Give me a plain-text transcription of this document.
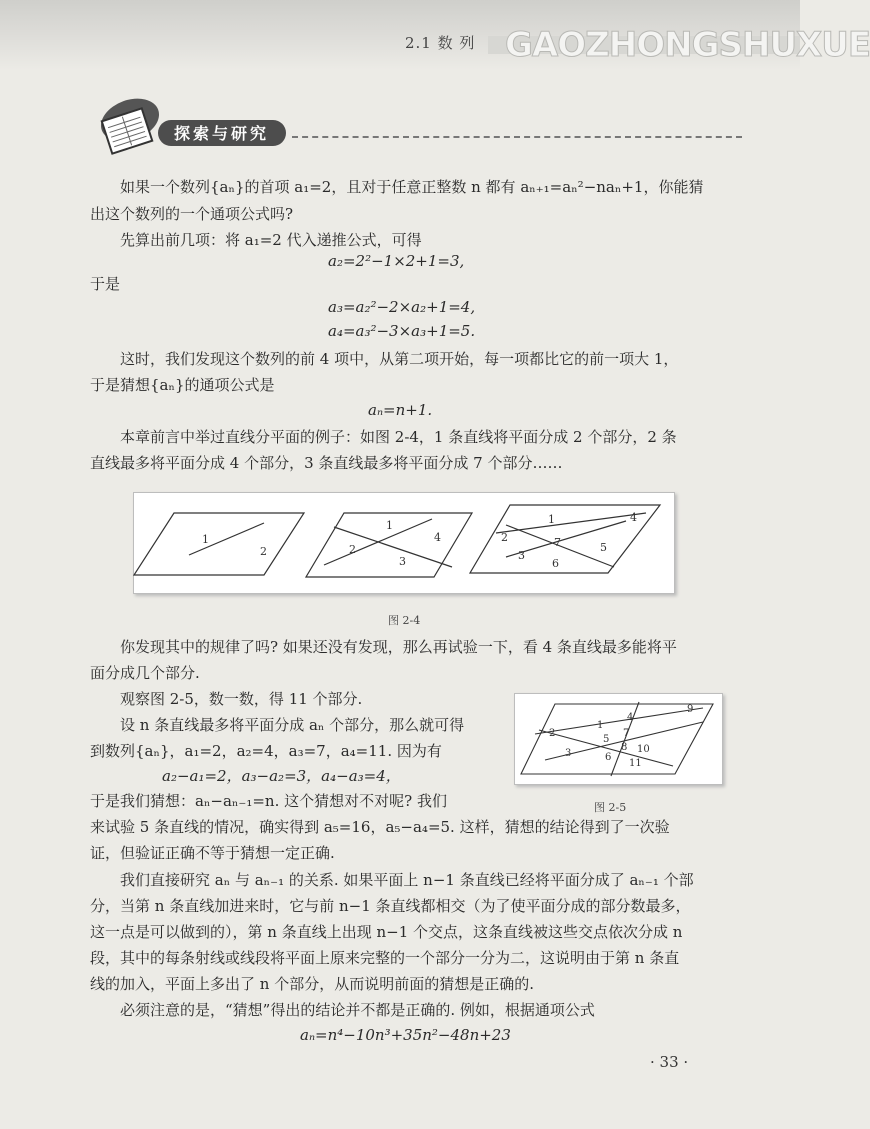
2.1 数 列 GAOZHONGSHUXUE
探索与研究

如果一个数列{aₙ}的首项 a₁=2，且对于任意正整数 n 都有 aₙ₊₁=aₙ²−naₙ+1，你能猜

出这个数列的一个通项公式吗?

先算出前几项：将 a₁=2 代入递推公式，可得

a₂=2²−1×2+1=3,

于是

a₃=a₂²−2×a₂+1=4,

a₄=a₃²−3×a₃+1=5.

这时，我们发现这个数列的前 4 项中，从第二项开始，每一项都比它的前一项大 1，

于是猜想{aₙ}的通项公式是

aₙ=n+1.

本章前言中举过直线分平面的例子：如图 2-4，1 条直线将平面分成 2 个部分，2 条

直线最多将平面分成 4 个部分，3 条直线最多将平面分成 7 个部分……

1
2
1
2
3
4
1
2
3
4
5
6
7
图 2-4

你发现其中的规律了吗? 如果还没有发现，那么再试验一下，看 4 条直线最多能将平

面分成几个部分.

观察图 2-5，数一数，得 11 个部分.

设 n 条直线最多将平面分成 aₙ 个部分，那么就可得

到数列{aₙ}，a₁=2，a₂=4，a₃=7，a₄=11. 因为有

a₂−a₁=2，a₃−a₂=3，a₄−a₃=4，

于是我们猜想：aₙ−aₙ₋₁=n. 这个猜想对不对呢? 我们

1
2
3
4
5
6
7
8
9
10
11
图 2-5

来试验 5 条直线的情况，确实得到 a₅=16，a₅−a₄=5. 这样，猜想的结论得到了一次验

证，但验证正确不等于猜想一定正确.

我们直接研究 aₙ 与 aₙ₋₁ 的关系. 如果平面上 n−1 条直线已经将平面分成了 aₙ₋₁ 个部

分，当第 n 条直线加进来时，它与前 n−1 条直线都相交（为了使平面分成的部分数最多，

这一点是可以做到的），第 n 条直线上出现 n−1 个交点，这条直线被这些交点依次分成 n

段，其中的每条射线或线段将平面上原来完整的一个部分一分为二，这说明由于第 n 条直

线的加入，平面上多出了 n 个部分，从而说明前面的猜想是正确的.

必须注意的是，“猜想”得出的结论并不都是正确的. 例如，根据通项公式

aₙ=n⁴−10n³+35n²−48n+23

· 33 ·
